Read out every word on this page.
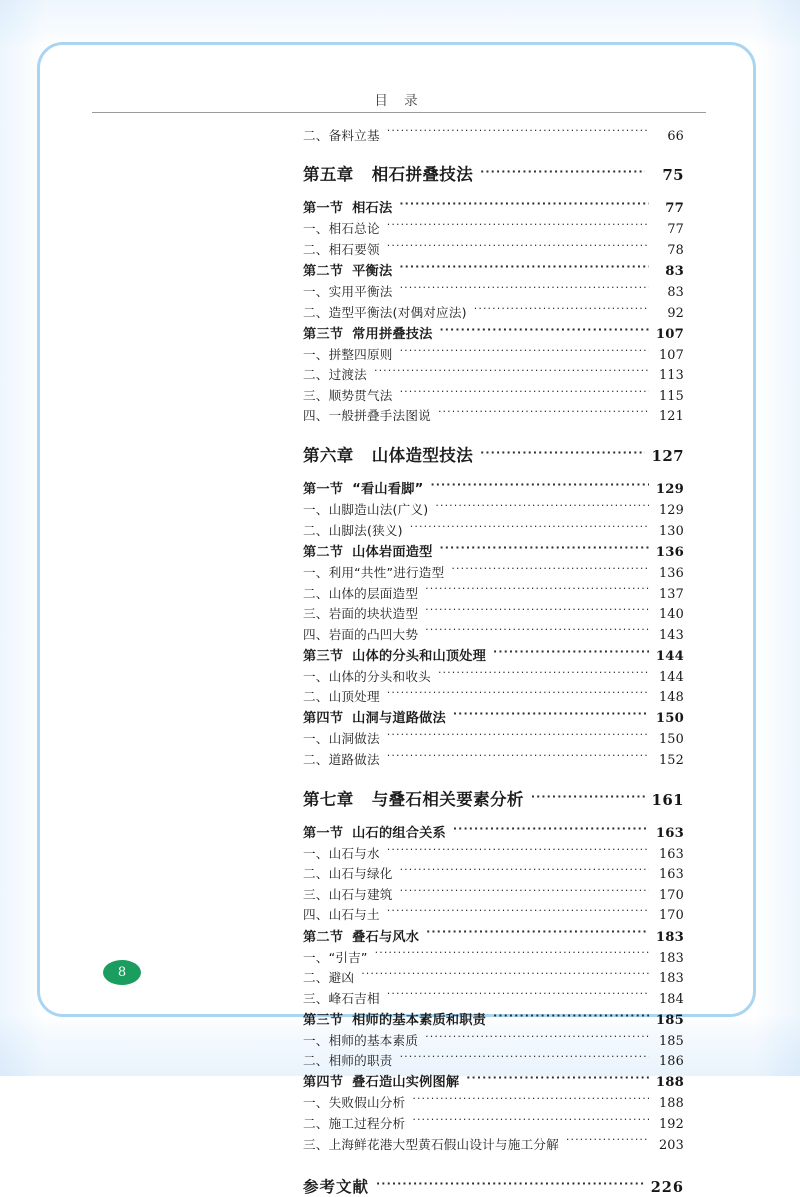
目 录
二、备料立基 ·····	66
第五章 相石拼叠技法 ·····	75
第一节 相石法 ·····	77
一、相石总论 ·····	77
二、相石要领 ·····	78
第二节 平衡法 ·····	83
一、实用平衡法 ·····	83
二、造型平衡法(对偶对应法) ·····	92
第三节 常用拼叠技法 ·····	107
一、拼整四原则 ·····	107
二、过渡法 ·····	113
三、顺势贯气法 ·····	115
四、一般拼叠手法图说 ·····	121
第六章 山体造型技法 ·····	127
第一节 “看山看脚” ·····	129
一、山脚造山法(广义) ·····	129
二、山脚法(狭义) ·····	130
第二节 山体岩面造型 ·····	136
一、利用“共性”进行造型 ·····	136
二、山体的层面造型 ·····	137
三、岩面的块状造型 ·····	140
四、岩面的凸凹大势 ·····	143
第三节 山体的分头和山顶处理 ·····	144
一、山体的分头和收头 ·····	144
二、山顶处理 ·····	148
第四节 山洞与道路做法 ·····	150
一、山洞做法 ·····	150
二、道路做法 ·····	152
第七章 与叠石相关要素分析 ·····	161
第一节 山石的组合关系 ·····	163
一、山石与水 ·····	163
二、山石与绿化 ·····	163
三、山石与建筑 ·····	170
四、山石与土 ·····	170
第二节 叠石与风水 ·····	183
一、“引吉” ·····	183
二、避凶 ·····	183
三、峰石吉相 ·····	184
第三节 相师的基本素质和职责 ·····	185
一、相师的基本素质 ·····	185
二、相师的职责 ·····	186
第四节 叠石造山实例图解 ·····	188
一、失败假山分析 ·····	188
二、施工过程分析 ·····	192
三、上海鲜花港大型黄石假山设计与施工分解 ·····	203
参考文献 ·····	226
8
